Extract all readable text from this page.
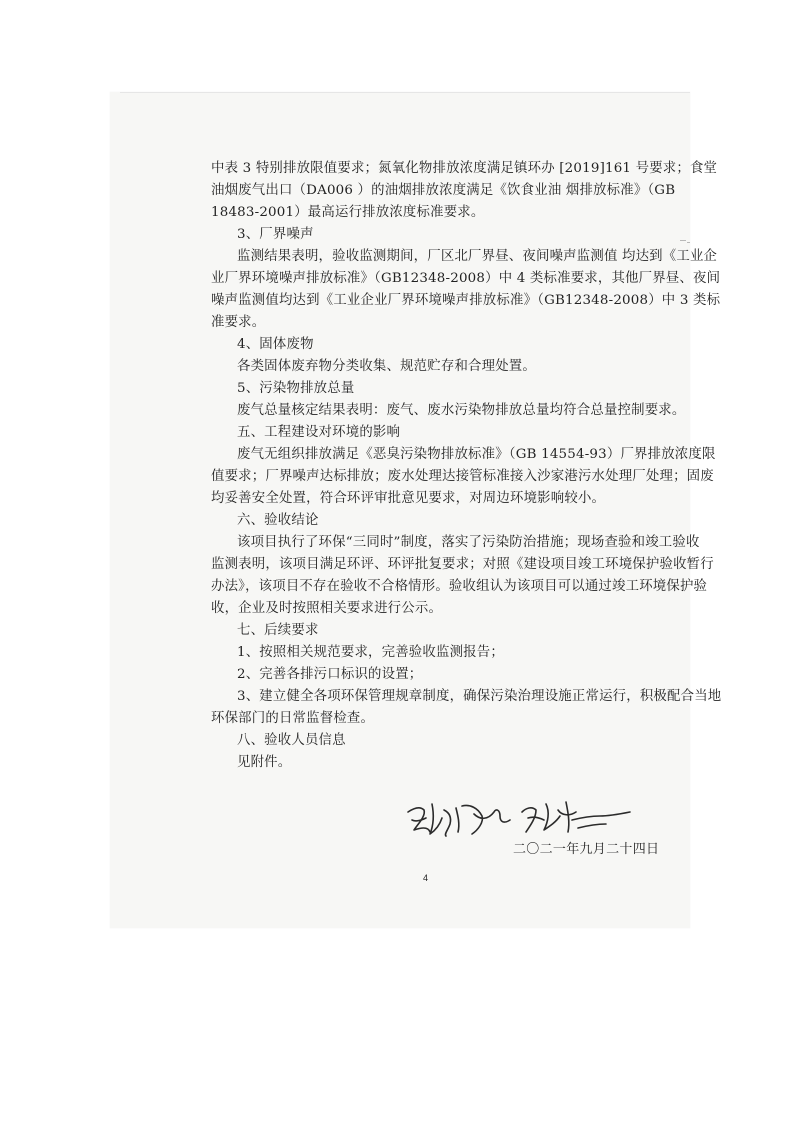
中表 3 特别排放限值要求；氮氧化物排放浓度满足镇环办 [2019]161 号要求；食堂
油烟废气出口（DA006 ）的油烟排放浓度满足《饮食业油 烟排放标准》（GB
18483-2001）最高运行排放浓度标准要求。
3、厂界噪声
监测结果表明，验收监测期间，厂区北厂界昼、夜间噪声监测值 均达到《工业企
业厂界环境噪声排放标准》（GB12348-2008）中 4 类标准要求，其他厂界昼、夜间
噪声监测值均达到《工业企业厂界环境噪声排放标准》（GB12348-2008）中 3 类标
准要求。
4、固体废物
各类固体废弃物分类收集、规范贮存和合理处置。
5、污染物排放总量
废气总量核定结果表明：废气、废水污染物排放总量均符合总量控制要求。
五、工程建设对环境的影响
废气无组织排放满足《恶臭污染物排放标准》（GB 14554-93）厂界排放浓度限
值要求；厂界噪声达标排放；废水处理达接管标准接入沙家港污水处理厂处理；固废
均妥善安全处置，符合环评审批意见要求，对周边环境影响较小。
六、验收结论
该项目执行了环保“三同时”制度，落实了污染防治措施；现场查验和竣工验收
监测表明，该项目满足环评、环评批复要求；对照《建设项目竣工环境保护验收暂行
办法》，该项目不存在验收不合格情形。验收组认为该项目可以通过竣工环境保护验
收，企业及时按照相关要求进行公示。
七、后续要求
1、按照相关规范要求，完善验收监测报告；
2、完善各排污口标识的设置；
3、建立健全各项环保管理规章制度，确保污染治理设施正常运行，积极配合当地
环保部门的日常监督检查。
八、验收人员信息
见附件。
二〇二一年九月二十四日
4
